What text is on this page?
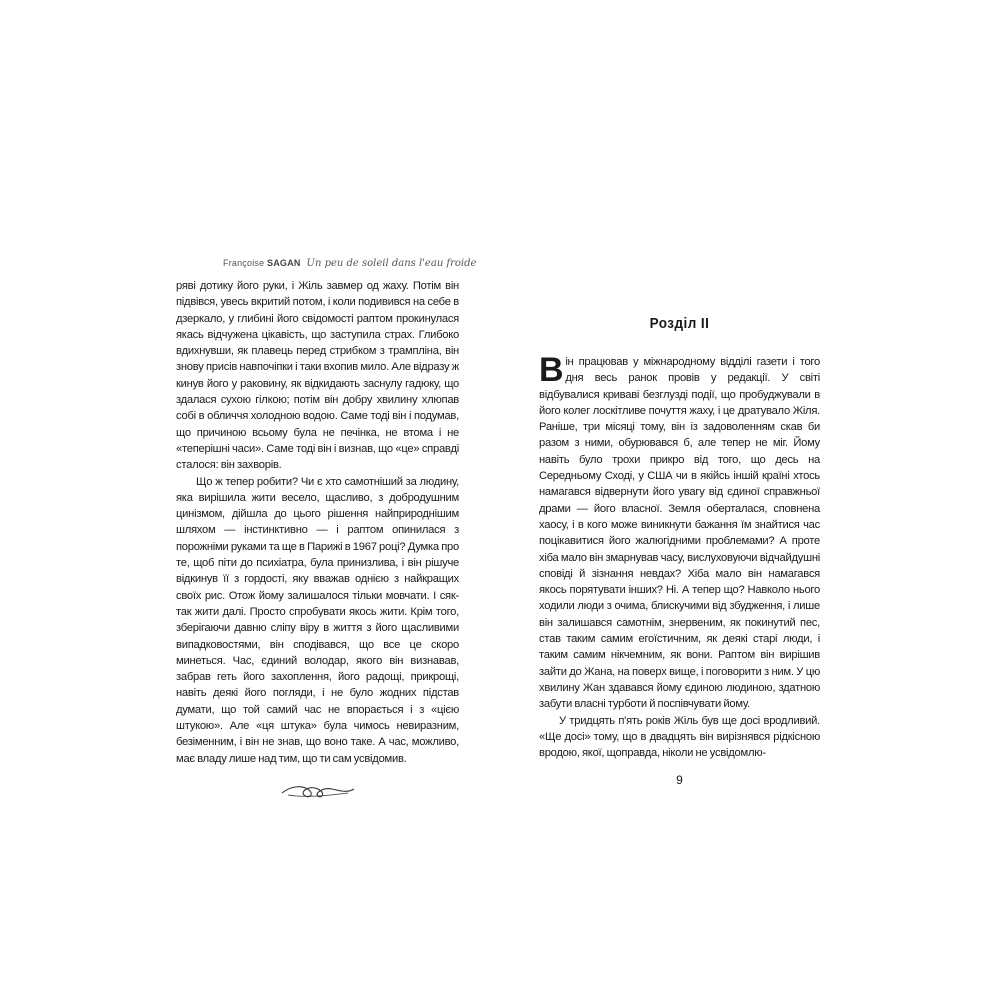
Françoise SAGAN Un peu de soleil dans l'eau froide

ряві дотику його руки, і Жіль завмер од жаху. Потім він підвівся, увесь вкритий потом, і коли подивився на себе в дзеркало, у глибині його свідомості раптом прокинулася якась відчужена цікавість, що заступила страх. Глибоко вдихнувши, як плавець перед стрибком з трампліна, він знову присів навпочіпки і таки вхопив мило. Але відразу ж кинув його у раковину, як відкидають заснулу гадюку, що здалася сухою гілкою; потім він добру хвилину хлюпав собі в обличчя холодною водою. Саме тоді він і подумав, що причиною всьому була не печінка, не втома і не «теперішні часи». Саме тоді він і визнав, що «це» справді сталося: він захворів.

Що ж тепер робити? Чи є хто самотніший за людину, яка вирішила жити весело, щасливо, з добродушним цинізмом, дійшла до цього рішення найприроднішим шляхом — інстинктивно — і раптом опинилася з порожніми руками та ще в Парижі в 1967 році? Думка про те, щоб піти до психіатра, була принизлива, і він рішуче відкинув її з гордості, яку вважав однією з найкращих своїх рис. Отож йому залишалося тільки мовчати. І сяк-так жити далі. Просто спробувати якось жити. Крім того, зберігаючи давню сліпу віру в життя з його щасливими випадковостями, він сподівався, що все це скоро минеться. Час, єдиний володар, якого він визнавав, забрав геть його захоплення, його радощі, прикрощі, навіть деякі його погляди, і не було жодних підстав думати, що той самий час не впорається і з «цією штукою». Але «ця штука» була чимось невиразним, безіменним, і він не знав, що воно таке. А час, можливо, має владу лише над тим, що ти сам усвідомив.

Розділ II

В ін працював у міжнародному відділі газети і того дня весь ранок провів у редакції. У світі відбувалися криваві безглузді події, що пробуджували в його колег лоскітливе почуття жаху, і це дратувало Жіля. Раніше, три місяці тому, він із задоволенням скав би разом з ними, обурювався б, але тепер не міг. Йому навіть було трохи прикро від того, що десь на Середньому Сході, у США чи в якійсь іншій країні хтось намагався відвернути його увагу від єдиної справжньої драми — його власної. Земля оберталася, сповнена хаосу, і в кого може виникнути бажання їм знайтися час поцікавитися його жалюгідними проблемами? А проте хіба мало він змарнував часу, вислуховуючи відчайдушні сповіді й зізнання невдах? Хіба мало він намагався якось порятувати інших? Ні. А тепер що? Навколо нього ходили люди з очима, блискучими від збудження, і лише він залишався самотнім, знервеним, як покинутий пес, став таким самим егоїстичним, як деякі старі люди, і таким самим нікчемним, як вони. Раптом він вирішив зайти до Жана, на поверх вище, і поговорити з ним. У цю хвилину Жан здавався йому єдиною людиною, здатною забути власні турботи й поспівчувати йому.

У тридцять п'ять років Жіль був ще досі вродливий. «Ще досі» тому, що в двадцять він вирізнявся рідкісною вродою, якої, щоправда, ніколи не усвідомлю-

9
